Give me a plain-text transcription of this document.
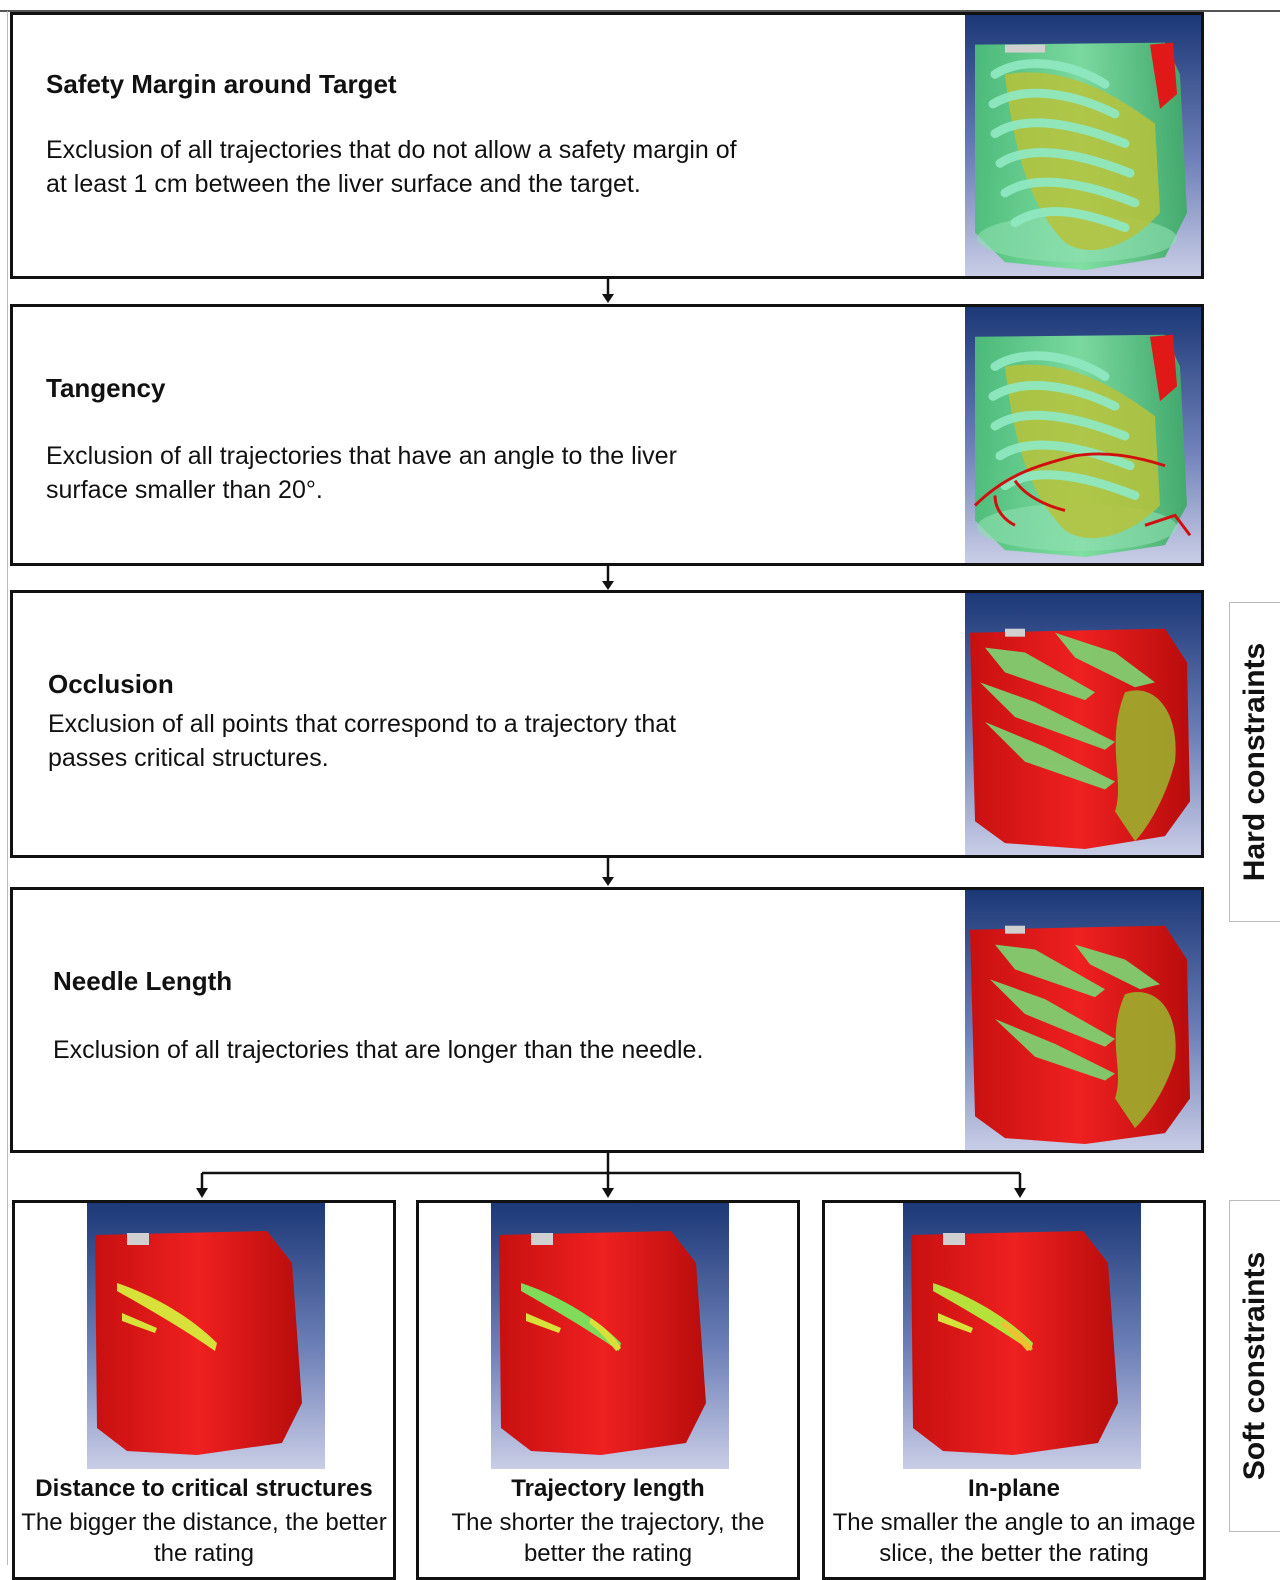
Safety Margin around Target
Exclusion of all trajectories that do not allow a safety margin of at least 1 cm between the liver surface and the target.
Tangency
Exclusion of all trajectories that have an angle to the liver surface smaller than 20°.
Occlusion
Exclusion of all points that correspond to a trajectory that passes critical structures.
Needle Length
Exclusion of all trajectories that are longer than the needle.
Distance to critical structures
The bigger the distance, the better the rating
Trajectory length
The shorter the trajectory, the better the rating
In-plane
The smaller the angle to an image slice, the better the rating
Hard constraints
Soft constraints
